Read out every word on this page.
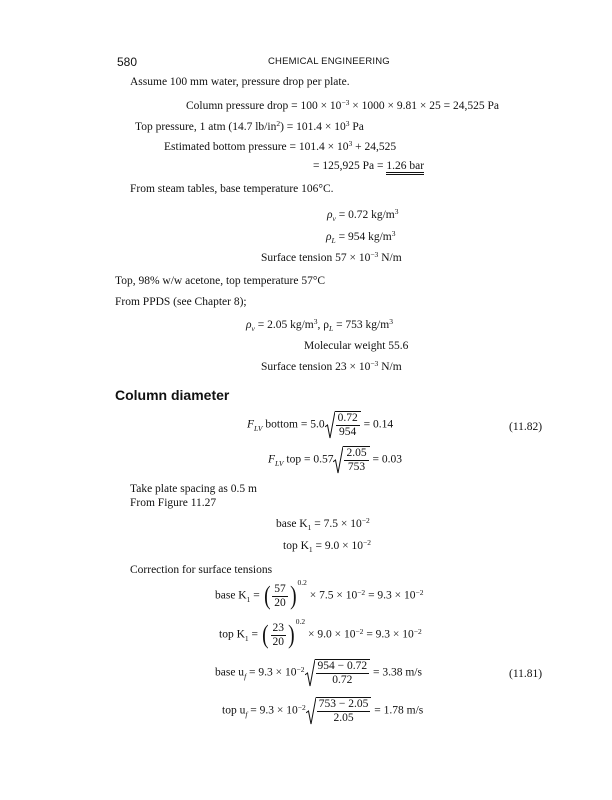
580	CHEMICAL ENGINEERING
Assume 100 mm water, pressure drop per plate.
Column pressure drop = $100 \times 10^{-3} \times 1000 \times 9.81 \times 25 = 24,525$ Pa
Top pressure, 1 atm (14.7 $lb/in^2) = 101.4 \times 10^3$ Pa
Estimated bottom pressure = $101.4 \times 10^3 + 24,525$
= 125,925 Pa = 1.26 bar
From steam tables, base temperature 106°C.
$\rho_v = 0.72$ $kg/m^3$
$\rho_L = 954$ $kg/m^3$
Surface tension $57 \times 10^{-3}$ N/m
Top, 98% w/w acetone, top temperature 57°C
From PPDS (see Chapter 8);
$\rho_v = 2.05$ $kg/m^3$, $\rho_L = 753$ $kg/m^3$
Molecular weight 55.6
Surface tension $23 \times 10^{-3}$ N/m
Column diameter
$F_{LV}$ bottom = $5.0 \frac{0.72}{954} = 0.14$	(11.82)
$F_{LV}$ top = $0.57 \frac{2.05}{753} = 0.03$
Take plate spacing as 0.5 m
From Figure 11.27
base $K_1 = 7.5 \times 10^{-2}$
top $K_1 = 9.0 \times 10^{-2}$
Correction for surface tensions
base $K_1$ = ( $\frac{57}{20} )^{0.2} \times 7.5 \times 10^{-2} = 9.3 \times 10^{-2}$
top $K_1$ = ( $\frac{23}{20} )^{0.2} \times 9.0 \times 10^{-2} = 9.3 \times 10^{-2}$
base $u_f = 9.3 \times 10^{-2} \frac{954 - 0.72}{0.72} = 3.38$ m/s	(11.81)
top $u_f = 9.3 \times 10^{-2} \frac{753 - 2.05}{2.05} = 1.78$ m/s
